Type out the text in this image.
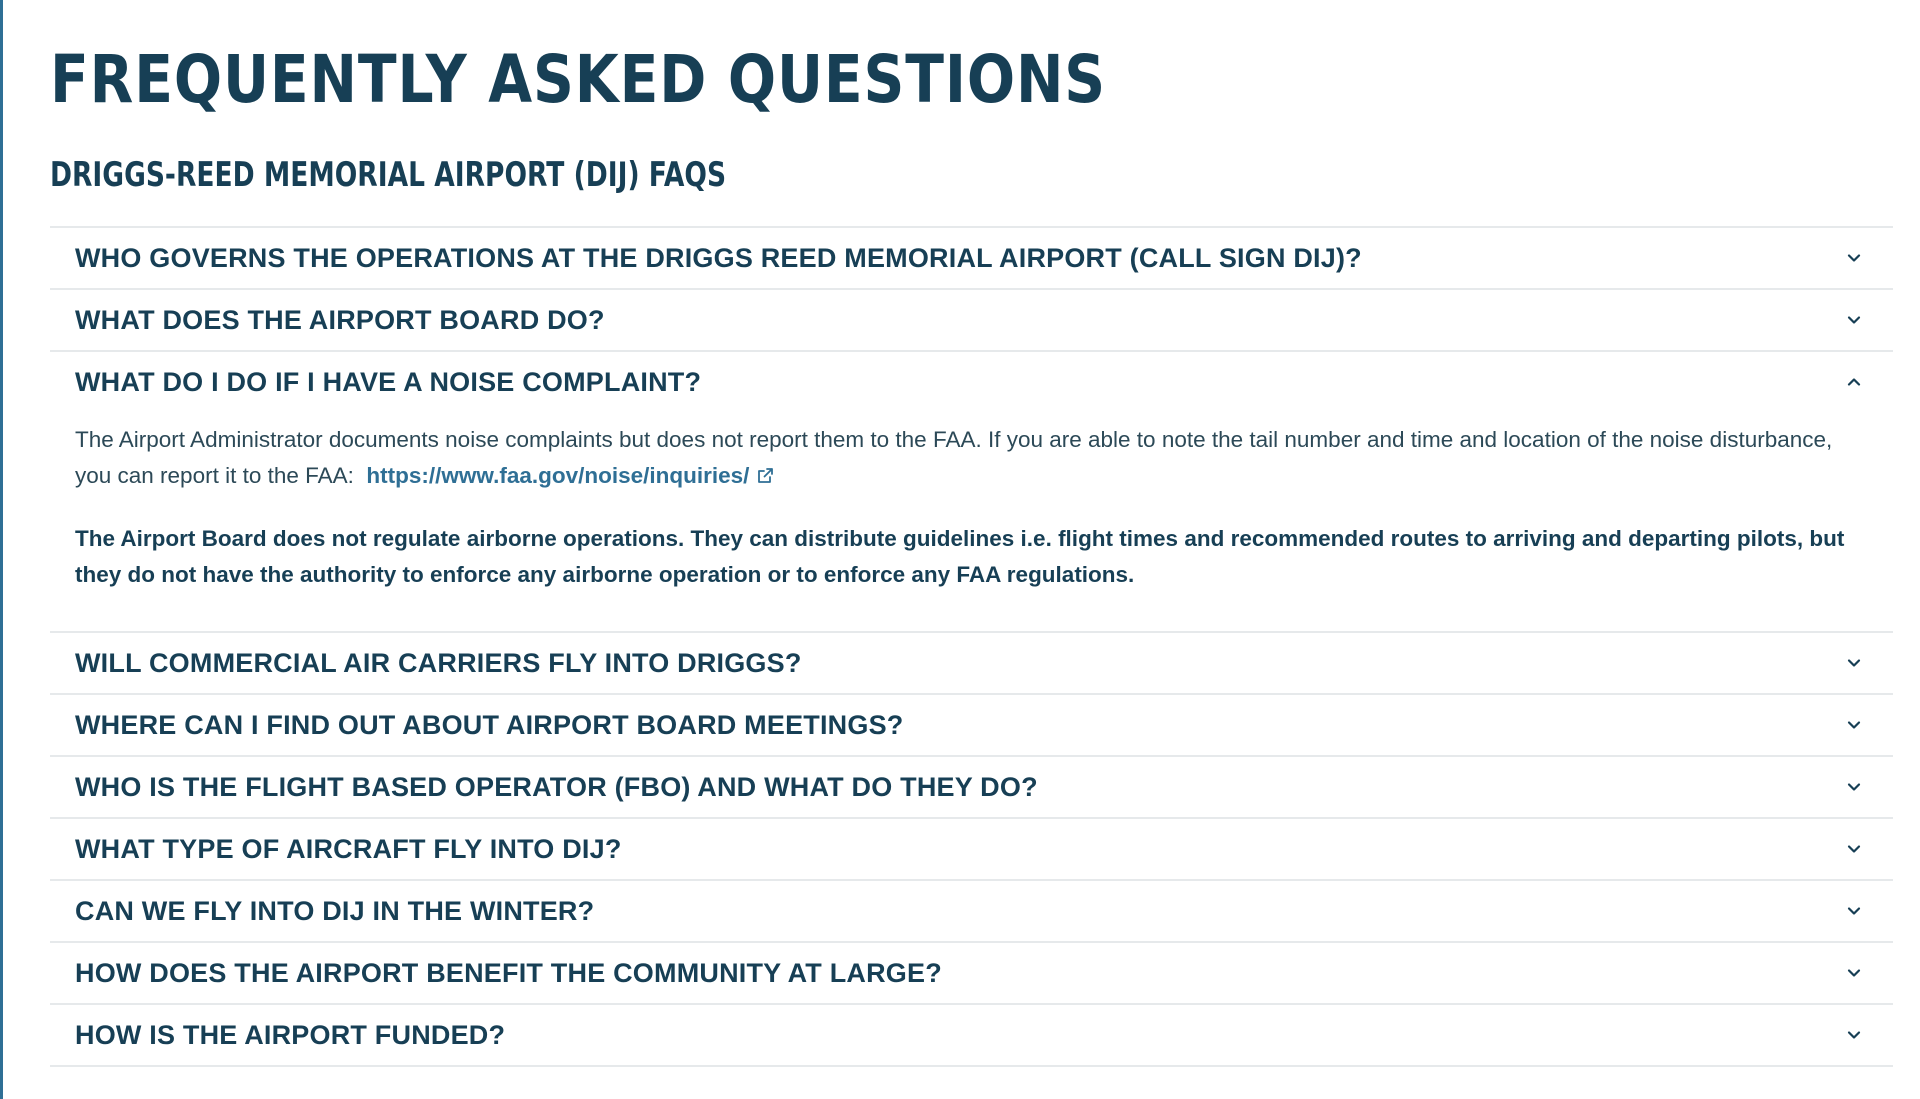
FREQUENTLY ASKED QUESTIONS
DRIGGS-REED MEMORIAL AIRPORT (DIJ) FAQS
WHO GOVERNS THE OPERATIONS AT THE DRIGGS REED MEMORIAL AIRPORT (CALL SIGN DIJ)?
WHAT DOES THE AIRPORT BOARD DO?
WHAT DO I DO IF I HAVE A NOISE COMPLAINT?

The Airport Administrator documents noise complaints but does not report them to the FAA. If you are able to note the tail number and time and location of the noise disturbance, you can report it to the FAA: https://www.faa.gov/noise/inquiries/

The Airport Board does not regulate airborne operations. They can distribute guidelines i.e. flight times and recommended routes to arriving and departing pilots, but they do not have the authority to enforce any airborne operation or to enforce any FAA regulations.

WILL COMMERCIAL AIR CARRIERS FLY INTO DRIGGS?
WHERE CAN I FIND OUT ABOUT AIRPORT BOARD MEETINGS?
WHO IS THE FLIGHT BASED OPERATOR (FBO) AND WHAT DO THEY DO?
WHAT TYPE OF AIRCRAFT FLY INTO DIJ?
CAN WE FLY INTO DIJ IN THE WINTER?
HOW DOES THE AIRPORT BENEFIT THE COMMUNITY AT LARGE?
HOW IS THE AIRPORT FUNDED?
